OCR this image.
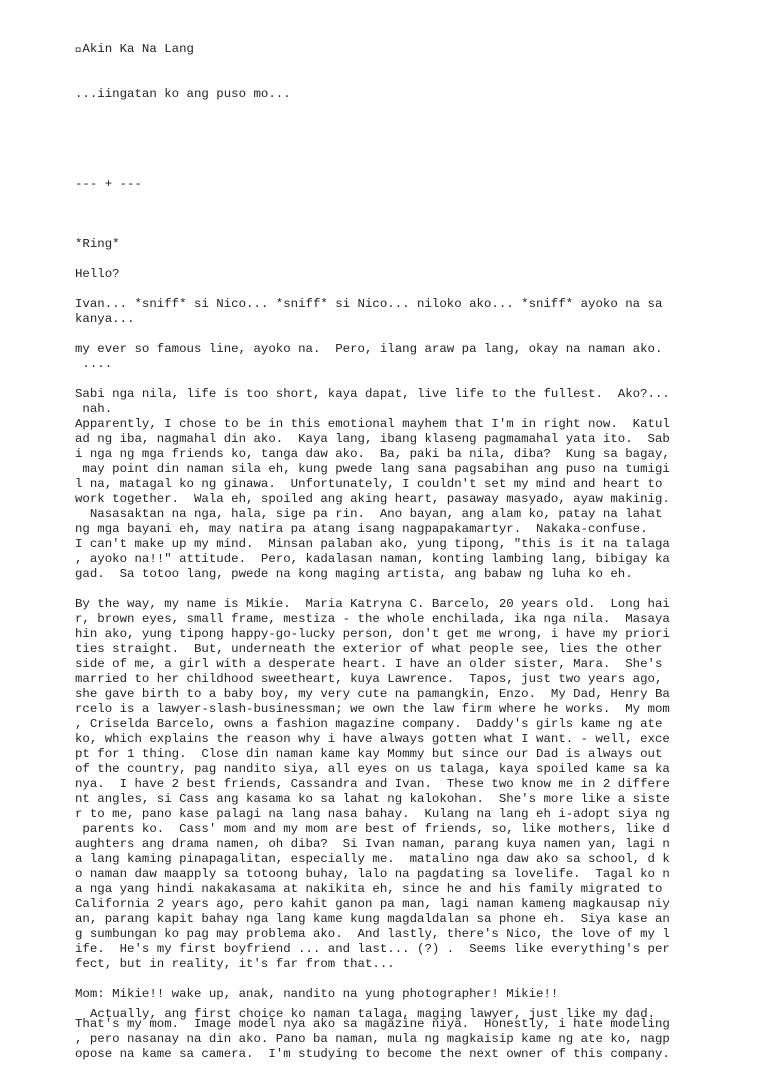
 Akin Ka Na Lang

...iingatan ko ang puso mo...

--- + ---

*Ring*
Hello?
Ivan... *sniff* si Nico... *sniff* si Nico... niloko ako... *sniff* ayoko na sa
kanya...
my ever so famous line, ayoko na.  Pero, ilang araw pa lang, okay na naman ako.
....
Sabi nga nila, life is too short, kaya dapat, live life to the fullest.  Ako?...
nah.
Apparently, I chose to be in this emotional mayhem that I'm in right now.  Katul
ad ng iba, nagmahal din ako.  Kaya lang, ibang klaseng pagmamahal yata ito.  Sab
i nga ng mga friends ko, tanga daw ako.  Ba, paki ba nila, diba?  Kung sa bagay,
may point din naman sila eh, kung pwede lang sana pagsabihan ang puso na tumigi
l na, matagal ko ng ginawa.  Unfortunately, I couldn't set my mind and heart to
work together.  Wala eh, spoiled ang aking heart, pasaway masyado, ayaw makinig.
Nasasaktan na nga, hala, sige pa rin.  Ano bayan, ang alam ko, patay na lahat
ng mga bayani eh, may natira pa atang isang nagpapakamartyr.  Nakaka-confuse.
I can't make up my mind.  Minsan palaban ako, yung tipong, "this is it na talaga
, ayoko na!!" attitude.  Pero, kadalasan naman, konting lambing lang, bibigay ka
gad.  Sa totoo lang, pwede na kong maging artista, ang babaw ng luha ko eh.
By the way, my name is Mikie.  Maria Katryna C. Barcelo, 20 years old.  Long hai
r, brown eyes, small frame, mestiza - the whole enchilada, ika nga nila.  Masaya
hin ako, yung tipong happy-go-lucky person, don't get me wrong, i have my priori
ties straight.  But, underneath the exterior of what people see, lies the other
side of me, a girl with a desperate heart. I have an older sister, Mara.  She's
married to her childhood sweetheart, kuya Lawrence.  Tapos, just two years ago,
she gave birth to a baby boy, my very cute na pamangkin, Enzo.  My Dad, Henry Ba
rcelo is a lawyer-slash-businessman; we own the law firm where he works.  My mom
, Criselda Barcelo, owns a fashion magazine company.  Daddy's girls kame ng ate
ko, which explains the reason why i have always gotten what I want. - well, exce
pt for 1 thing.  Close din naman kame kay Mommy but since our Dad is always out
of the country, pag nandito siya, all eyes on us talaga, kaya spoiled kame sa ka
nya.  I have 2 best friends, Cassandra and Ivan.  These two know me in 2 differe
nt angles, si Cass ang kasama ko sa lahat ng kalokohan.  She's more like a siste
r to me, pano kase palagi na lang nasa bahay.  Kulang na lang eh i-adopt siya ng
parents ko.  Cass' mom and my mom are best of friends, so, like mothers, like d
aughters ang drama namen, oh diba?  Si Ivan naman, parang kuya namen yan, lagi n
a lang kaming pinapagalitan, especially me.  matalino nga daw ako sa school, d k
o naman daw maapply sa totoong buhay, lalo na pagdating sa lovelife.  Tagal ko n
a nga yang hindi nakakasama at nakikita eh, since he and his family migrated to
California 2 years ago, pero kahit ganon pa man, lagi naman kameng magkausap niy
an, parang kapit bahay nga lang kame kung magdaldalan sa phone eh.  Siya kase an
g sumbungan ko pag may problema ako.  And lastly, there's Nico, the love of my l
ife.  He's my first boyfriend ... and last... (?) .  Seems like everything's per
fect, but in reality, it's far from that...
Mom: Mikie!! wake up, anak, nandito na yung photographer! Mikie!!
That's my mom.  Image model nya ako sa magazine niya.  Honestly, i hate modeling
, pero nasanay na din ako. Pano ba naman, mula ng magkaisip kame ng ate ko, nagp
opose na kame sa camera.  I'm studying to become the next owner of this company.

Actually, ang first choice ko naman talaga, maging lawyer, just like my dad.
